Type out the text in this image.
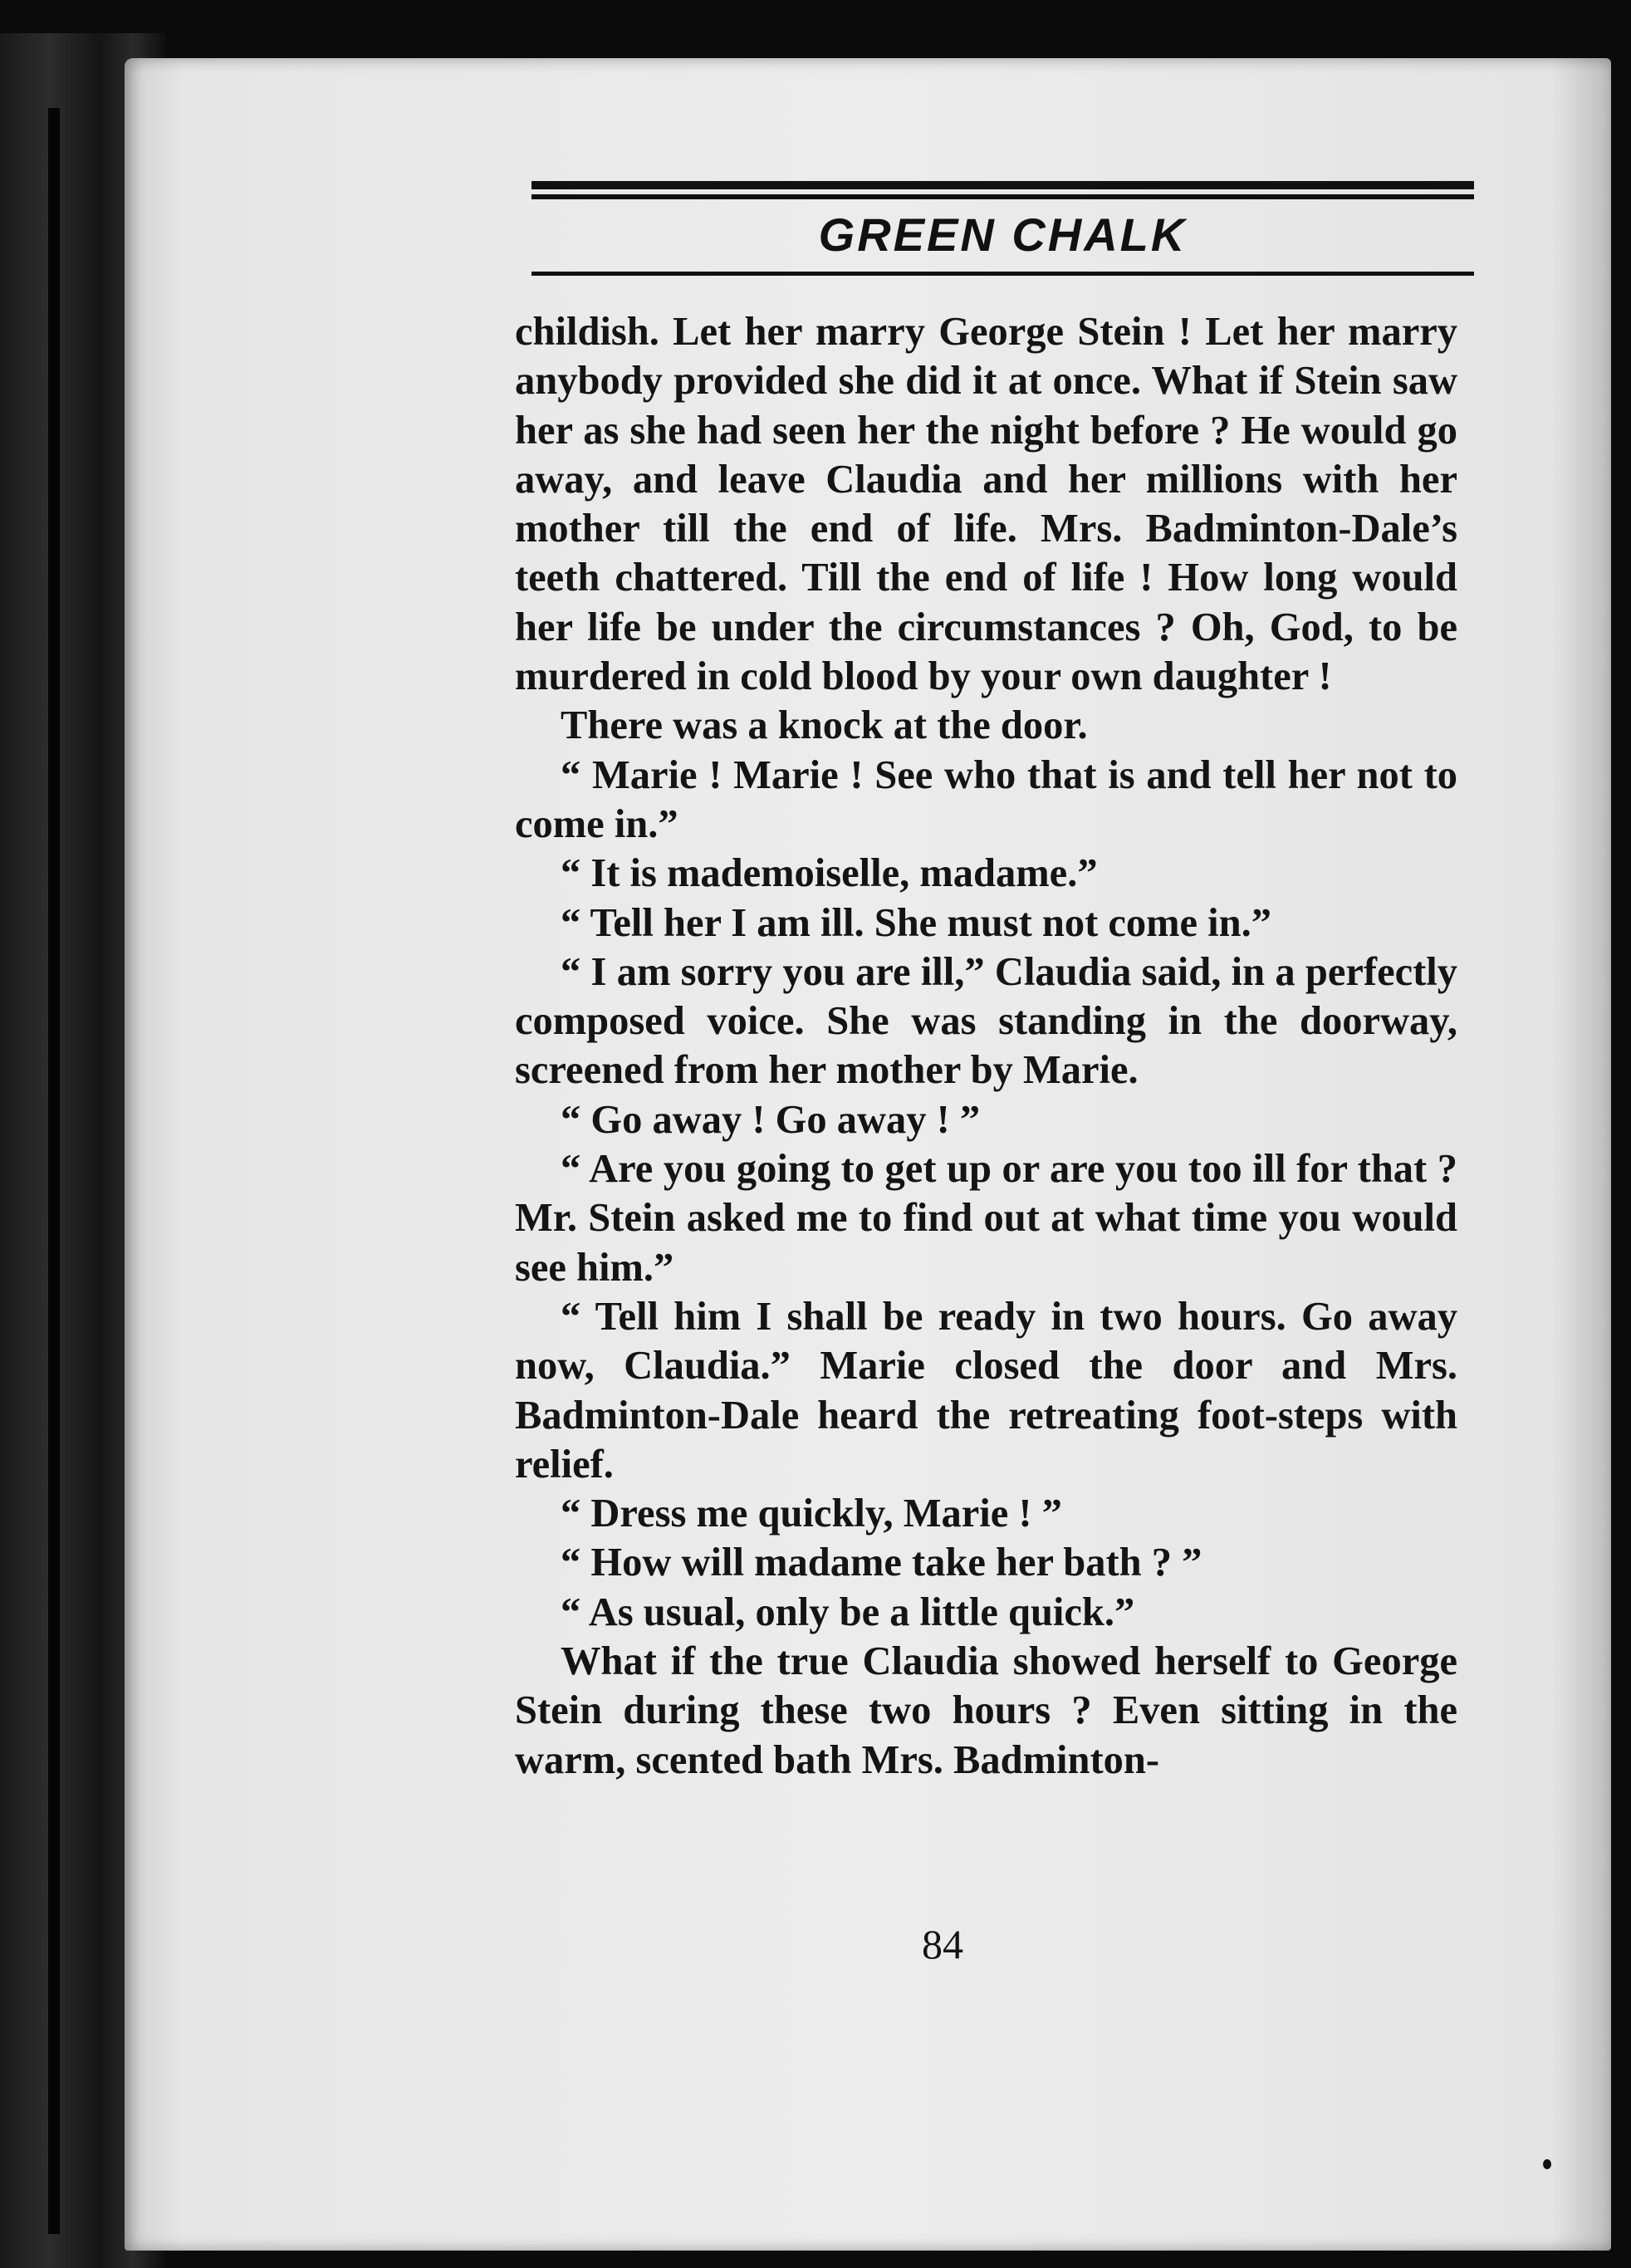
GREEN CHALK

childish. Let her marry George Stein ! Let her marry anybody provided she did it at once. What if Stein saw her as she had seen her the night before ? He would go away, and leave Claudia and her millions with her mother till the end of life. Mrs. Badminton-Dale’s teeth chattered. Till the end of life ! How long would her life be under the circumstances ? Oh, God, to be murdered in cold blood by your own daughter !

There was a knock at the door.

“ Marie ! Marie ! See who that is and tell her not to come in.”

“ It is mademoiselle, madame.”

“ Tell her I am ill. She must not come in.”

“ I am sorry you are ill,” Claudia said, in a perfectly composed voice. She was standing in the doorway, screened from her mother by Marie.

“ Go away ! Go away ! ”

“ Are you going to get up or are you too ill for that ? Mr. Stein asked me to find out at what time you would see him.”

“ Tell him I shall be ready in two hours. Go away now, Claudia.” Marie closed the door and Mrs. Badminton-Dale heard the retreating foot-steps with relief.

“ Dress me quickly, Marie ! ”

“ How will madame take her bath ? ”

“ As usual, only be a little quick.”

What if the true Claudia showed herself to George Stein during these two hours ? Even sitting in the warm, scented bath Mrs. Badminton-

84
